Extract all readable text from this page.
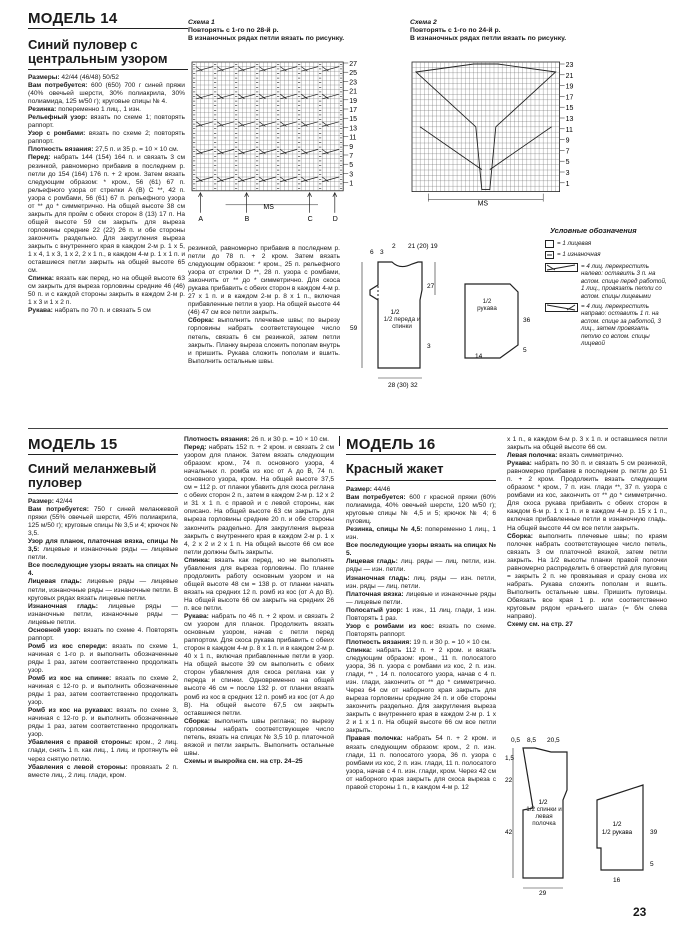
МОДЕЛЬ 14
Синий пуловер с центральным узором

Размеры: 42/44 (46/48) 50/52

Вам потребуется: 600 (650) 700 г синей пряжи (40% овечьей шерсти, 30% полиакрила, 30% полиамида, 125 м/50 г); круговые спицы № 4.

Резинка: попеременно 1 лиц., 1 изн.

Рельефный узор: вязать по схеме 1; повторять раппорт.

Узор с ромбами: вязать по схеме 2; повторять раппорт.

Плотность вязания: 27,5 п. и 35 р. = 10 × 10 см.

Перед: набрать 144 (154) 164 п. и связать 3 см резинкой, равномерно прибавив в последнем р. петли до 154 (164) 176 п. + 2 кром. Затем вязать следующим образом: * кром., 56 (61) 67 п. рельефного узора от стрелки A (B) C **, 42 п. узора с ромбами, 56 (61) 67 п. рельефного узора от ** до * симметрично. На общей высоте 38 см закрыть для пройм с обеих сторон 8 (13) 17 п. На общей высоте 59 см закрыть для выреза горловины средние 22 (22) 26 п. и обе стороны закончить раздельно. Для закругления выреза закрыть с внутреннего края в каждом 2-м р. 1 х 5, 1 х 4, 1 х 3, 1 х 2, 2 х 1 п., в каждом 4-м р. 1 х 1 п. и оставшиеся петли закрыть на общей высоте 65 см.

Спинка: вязать как перед, но на общей высоте 63 см закрыть для выреза горловины средние 46 (46) 50 п. и с каждой стороны закрыть в каждом 2-м р. 1 х 3 и 1 х 2 п.

Рукава: набрать по 70 п. и связать 5 см

резинкой, равномерно прибавив в последнем р. петли до 78 п. + 2 кром. Затем вязать следующим образом: * кром., 25 п. рельефного узора от стрелки D **, 28 п. узора с ромбами, закончить от ** до * симметрично. Для скоса рукава прибавить с обеих сторон в каждом 4-м р. 27 х 1 п. и в каждом 2-м р. 8 х 1 п., включая прибавленные петли в узор. На общей высоте 44 (46) 47 см все петли закрыть.

Сборка: выполнить плечевые швы; по вырезу горловины набрать соответствующее число петель, связать 6 см резинкой, затем петли закрыть. Планку выреза сложить пополам внутрь и пришить. Рукава сложить пополам и вшить. Выполнить остальные швы.

Схема 1
Повторять с 1-го по 28-й р.
В изнаночных рядах петли вязать по рисунку.
27
25
23
21
19
17
15
13
11
9
7
5
3
1
A	B	C	D
MS
Схема 2
Повторять с 1-го по 24-й р.
В изнаночных рядах петли вязать по рисунку.
23
21
19
17
15
13
11
9
7
5
3
1
MS
Условные обозначения
= 1 лицевая
= 1 изнаночная
= 4 лиц. перекрестить налево: оставить 3 п. на вспом. спице перед работой, 1 лиц., провязать петли со вспом. спицы лицевыми
= 4 лиц. перекрестить направо: оставить 1 п. на вспом. спице за работой, 3 лиц., затем провязать петлю со вспом. спицы лицевой
2 21 (20) 19
6 3
27
59
3
28 (30) 32
1/2
1/2 переда и спинки
36
5
14
1/2 рукава
МОДЕЛЬ 15
Синий меланжевый пуловер

Размер: 42/44

Вам потребуется: 750 г синей меланжевой пряжи (55% овечьей шерсти, 45% полиакрила, 125 м/50 г); круговые спицы № 3,5 и 4; крючок № 3,5.

Узор для планок, платочная вязка, спицы № 3,5: лицевые и изнаночные ряды — лицевые петли.

Все последующие узоры вязать на спицах № 4.

Лицевая гладь: лицевые ряды — лицевые петли, изнаночные ряды — изнаночные петли. В круговых рядах вязать лицевые петли.

Изнаночная гладь: лицевые ряды — изнаночные петли, изнаночные ряды — лицевые петли.

Основной узор: вязать по схеме 4. Повторять раппорт.

Ромб из кос спереди: вязать по схеме 1, начиная с 1-го р. и выполнить обозначенные ряды 1 раз, затем соответственно продолжать узор.

Ромб из кос на спинке: вязать по схеме 2, начиная с 12-го р. и выполнить обозначенные ряды 1 раз, затем соответственно продолжать узор.

Ромб из кос на рукавах: вязать по схеме 3, начиная с 12-го р. и выполнить обозначенные ряды 1 раз, затем соответственно продолжать узор.

Убавления с правой стороны: кром., 2 лиц. глади, снять 1 п. как лиц., 1 лиц. и протянуть её через снятую петлю.

Убавления с левой стороны: провязать 2 п. вместе лиц., 2 лиц. глади, кром.

Плотность вязания: 26 п. и 30 р. = 10 × 10 см.

Перед: набрать 152 п. + 2 кром. и связать 2 см узором для планок. Затем вязать следующим образом: кром., 74 п. основного узора, 4 начальных п. ромба из кос от А до В, 74 п. основного узора, кром. На общей высоте 37,5 см = 112 р. от планки убавить для скоса реглана с обеих сторон 2 п., затем в каждом 2-м р. 12 х 2 и 31 х 1 п. с правой и с левой стороны, как описано. На общей высоте 63 см закрыть для выреза горловины средние 20 п. и обе стороны закончить раздельно. Для закругления выреза закрыть с внутреннего края в каждом 2-м р. 1 х 4, 2 х 2 и 2 х 1 п. На общей высоте 66 см все петли должны быть закрыты.

Спинка: вязать как перед, но не выполнять убавления для выреза горловины. По планке продолжить работу основным узором и на общей высоте 48 см = 138 р. от планки начать вязать на средних 12 п. ромб из кос (от А до В). На общей высоте 66 см закрыть на средних 26 п. все петли.

Рукава: набрать по 46 п. + 2 кром. и связать 2 см узором для планок. Продолжить вязать основным узором, начав с петли перед раппортом. Для скоса рукава прибавить с обеих сторон в каждом 4-м р. 8 х 1 п. и в каждом 2-м р. 40 х 1 п., включая прибавленные петли в узор. На общей высоте 39 см выполнить с обеих сторон убавления для скоса реглана как у переда и спинки. Одновременно на общей высоте 46 см = после 132 р. от планки вязать ромб из кос в средних 12 п. ромб из кос (от А до В). На общей высоте 67,5 см закрыть оставшиеся петли.

Сборка: выполнить швы реглана; по вырезу горловины набрать соответствующее число петель, вязать на спицах № 3,5 10 р. платочной вязкой и петли закрыть. Выполнить остальные швы.

Схемы и выкройка см. на стр. 24–25

МОДЕЛЬ 16
Красный жакет

Размер: 44/46

Вам потребуется: 600 г красной пряжи (60% полиамида, 40% овечьей шерсти, 120 м/50 г); круговые спицы № 4,5 и 5; крючок № 4; 6 пуговиц.

Резинка, спицы № 4,5: попеременно 1 лиц., 1 изн.

Все последующие узоры вязать на спицах № 5.

Лицевая гладь: лиц. ряды — лиц. петли, изн. ряды — изн. петли.

Изнаночная гладь: лиц. ряды — изн. петли, изн. ряды — лиц. петли.

Платочная вязка: лицевые и изнаночные ряды — лицевые петли.

Полосатый узор: 1 изн., 11 лиц. глади, 1 изн. Повторять 1 раз.

Узор с ромбами из кос: вязать по схеме. Повторять раппорт.

Плотность вязания: 19 п. и 30 р. = 10 × 10 см.

Спинка: набрать 112 п. + 2 кром. и вязать следующим образом: кром., 11 п. полосатого узора, 36 п. узора с ромбами из кос, 2 п. изн. глади, ** , 14 п. полосатого узора, начав с 4 п. изн. глади, закончить от ** до * симметрично. Через 64 см от наборного края закрыть для выреза горловины средние 24 п. и обе стороны закончить раздельно. Для закругления выреза закрыть с внутреннего края в каждом 2-м р. 1 х 2 и 1 х 1 п. На общей высоте 66 см все петли закрыть.

Правая полочка: набрать 54 п. + 2 кром. и вязать следующим образом: кром., 2 п. изн. глади, 11 п. полосатого узора, 36 п. узора с ромбами из кос, 2 п. изн. глади, 11 п. полосатого узора, начав с 4 п. изн. глади, кром. Через 42 см от наборного края закрыть для скоса выреза с правой стороны 1 п., в каждом 4-м р. 12

х 1 п., в каждом 6-м р. 3 х 1 п. и оставшиеся петли закрыть на общей высоте 66 см.

Левая полочка: вязать симметрично.

Рукава: набрать по 30 п. и связать 5 см резинкой, равномерно прибавив в последнем р. петли до 51 п. + 2 кром. Продолжить вязать следующим образом: * кром., 7 п. изн. глади **, 37 п. узора с ромбами из кос, закончить от ** до * симметрично. Для скоса рукава прибавить с обеих сторон в каждом 6-м р. 1 х 1 п. и в каждом 4-м р. 15 х 1 п., включая прибавленные петли в изнаночную гладь. На общей высоте 44 см все петли закрыть.

Сборка: выполнить плечевые швы; по краям полочек набрать соответствующее число петель, связать 3 см платочной вязкой, затем петли закрыть. На 1/2 высоты планки правой полочки равномерно распределить 6 отверстий для пуговиц = закрыть 2 п. не провязывая и сразу снова их набрать. Рукава сложить пополам и вшить. Выполнить остальные швы. Пришить пуговицы. Обвязать все края 1 р. или соответственно круговым рядом «рачьего шага» (= б/н слева направо).

Схему см. на стр. 27

0,5 8,5 20,5
1,5
22
42
29
1/2
1/2 спинки и левая полочка	1/2
1/2 рукава	39
5
16
23
